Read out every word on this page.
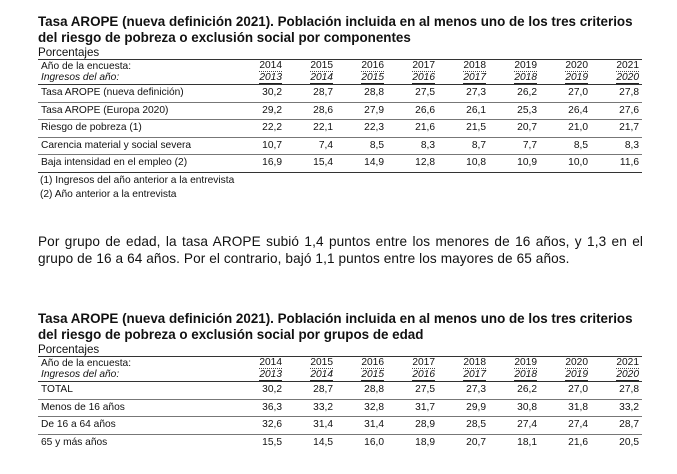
Tasa AROPE (nueva definición 2021). Población incluida en al menos uno de los tres criterios del riesgo de pobreza o exclusión social por componentes

Porcentajes

Año de la encuesta:	2014	2015	2016	2017	2018	2019	2020	2021
Ingresos del año:	2013	2014	2015	2016	2017	2018	2019	2020
Tasa AROPE (nueva definición)	30,2	28,7	28,8	27,5	27,3	26,2	27,0	27,8
Tasa AROPE (Europa 2020)	29,2	28,6	27,9	26,6	26,1	25,3	26,4	27,6
Riesgo de pobreza (1)	22,2	22,1	22,3	21,6	21,5	20,7	21,0	21,7
Carencia material y social severa	10,7	7,4	8,5	8,3	8,7	7,7	8,5	8,3
Baja intensidad en el empleo (2)	16,9	15,4	14,9	12,8	10,8	10,9	10,0	11,6

(1) Ingresos del año anterior a la entrevista

(2) Año anterior a la entrevista

Por grupo de edad, la tasa AROPE subió 1,4 puntos entre los menores de 16 años, y 1,3 en el grupo de 16 a 64 años. Por el contrario, bajó 1,1 puntos entre los mayores de 65 años.

Tasa AROPE (nueva definición 2021). Población incluida en al menos uno de los tres criterios del riesgo de pobreza o exclusión social por grupos de edad

Porcentajes

Año de la encuesta:	2014	2015	2016	2017	2018	2019	2020	2021
Ingresos del año:	2013	2014	2015	2016	2017	2018	2019	2020
TOTAL	30,2	28,7	28,8	27,5	27,3	26,2	27,0	27,8
Menos de 16 años	36,3	33,2	32,8	31,7	29,9	30,8	31,8	33,2
De 16 a 64 años	32,6	31,4	31,4	28,9	28,5	27,4	27,4	28,7
65 y más años	15,5	14,5	16,0	18,9	20,7	18,1	21,6	20,5
